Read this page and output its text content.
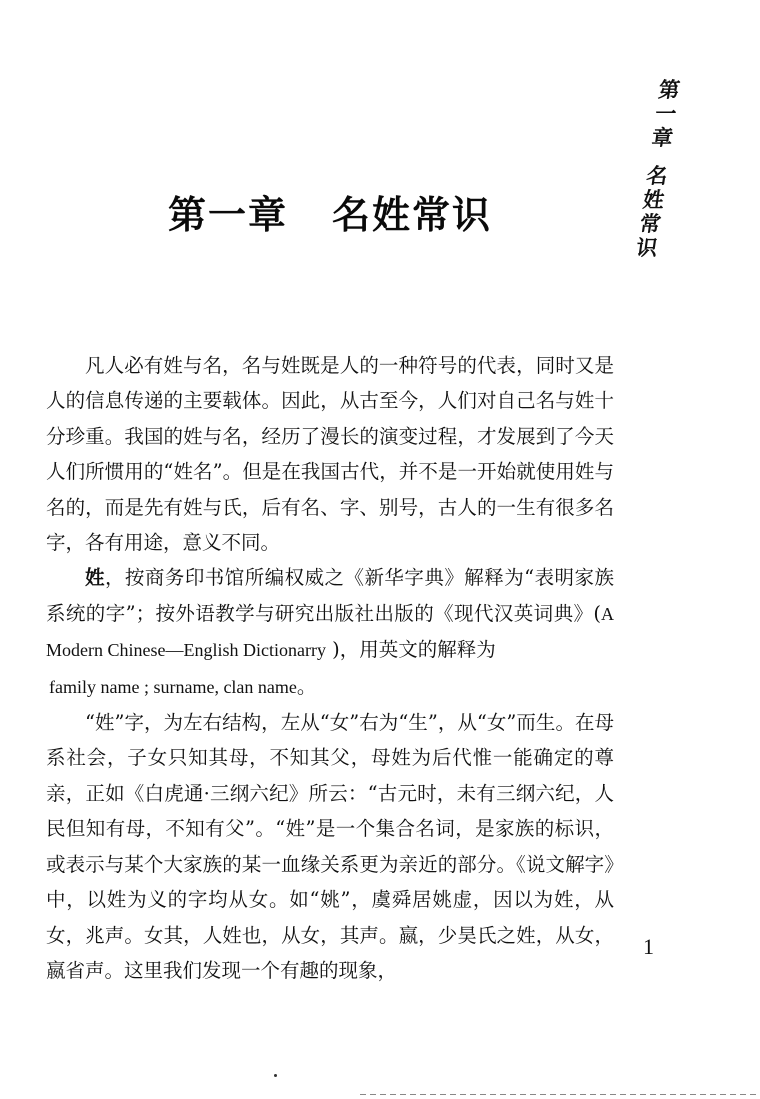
第
一
章
名
姓
常
识
第一章 名姓常识

凡人必有姓与名，名与姓既是人的一种符号的代表，同时又是人的信息传递的主要载体。因此，从古至今，人们对自己名与姓十分珍重。我国的姓与名，经历了漫长的演变过程，才发展到了今天人们所惯用的“姓名”。但是在我国古代，并不是一开始就使用姓与名的，而是先有姓与氏，后有名、字、别号，古人的一生有很多名字，各有用途，意义不同。

姓，按商务印书馆所编权威之《新华字典》解释为“表明家族系统的字”；按外语教学与研究出版社出版的《现代汉英词典》(A Modern Chinese—English Dictionarry )，用英文的解释为
family name ; surname, clan name。

“姓”字，为左右结构，左从“女”右为“生”，从“女”而生。在母系社会，子女只知其母，不知其父，母姓为后代惟一能确定的尊亲，正如《白虎通·三纲六纪》所云：“古元时，未有三纲六纪，人民但知有母，不知有父”。“姓”是一个集合名词，是家族的标识，或表示与某个大家族的某一血缘关系更为亲近的部分。《说文解字》中，以姓为义的字均从女。如“姚”，虞舜居姚虚，因以为姓，从女，兆声。女其，人姓也，从女，其声。嬴，少昊氏之姓，从女，嬴省声。这里我们发现一个有趣的现象，

1
